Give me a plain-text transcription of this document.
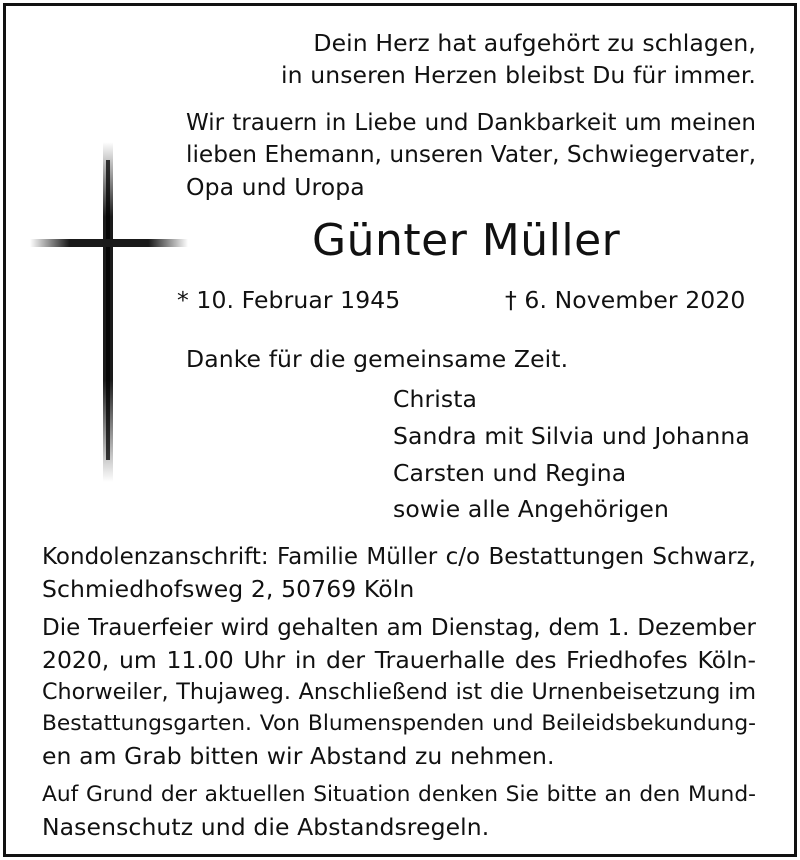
Dein Herz hat aufgehört zu schlagen,
in unseren Herzen bleibst Du für immer.
Wir trauern in Liebe und Dankbarkeit um meinen
lieben Ehemann, unseren Vater, Schwiegervater,
Opa und Uropa
Günter Müller
* 10. Februar 1945	† 6. November 2020
Danke für die gemeinsame Zeit.
Christa
Sandra mit Silvia und Johanna
Carsten und Regina
sowie alle Angehörigen
Kondolenzanschrift: Familie Müller c/o Bestattungen Schwarz,
Schmiedhofsweg 2, 50769 Köln
Die Trauerfeier wird gehalten am Dienstag, dem 1. Dezember
2020, um 11.00 Uhr in der Trauerhalle des Friedhofes Köln-
Chorweiler, Thujaweg. Anschließend ist die Urnenbeisetzung im
Bestattungsgarten. Von Blumenspenden und Beileidsbekundung-
en am Grab bitten wir Abstand zu nehmen.
Auf Grund der aktuellen Situation denken Sie bitte an den Mund-
Nasenschutz und die Abstandsregeln.
